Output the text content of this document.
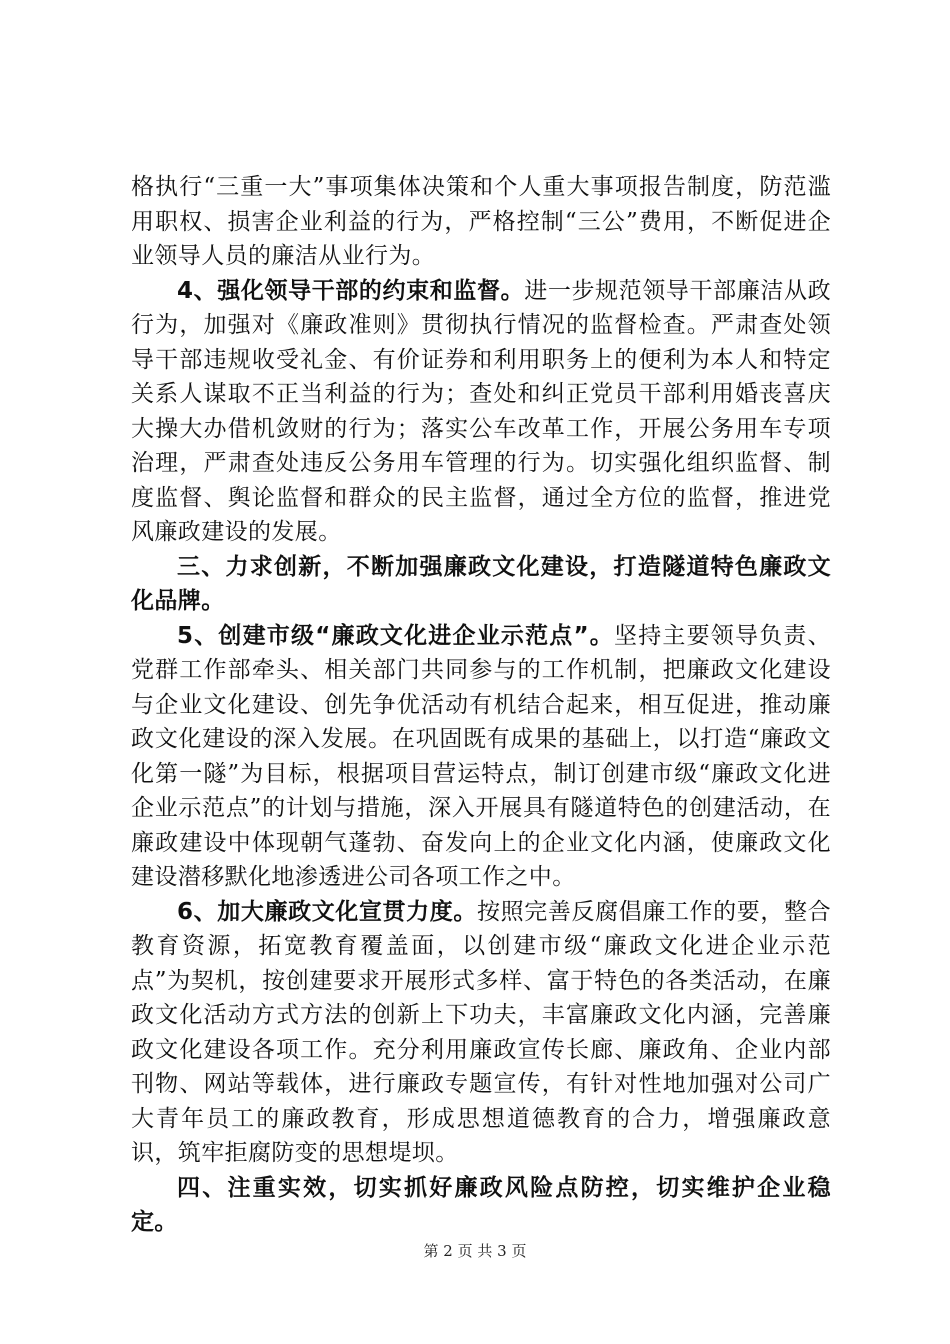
格执行“三重一大”事项集体决策和个人重大事项报告制度，防范滥用职权、损害企业利益的行为，严格控制“三公”费用，不断促进企业领导人员的廉洁从业行为。

4、强化领导干部的约束和监督。进一步规范领导干部廉洁从政行为，加强对《廉政准则》贯彻执行情况的监督检查。严肃查处领导干部违规收受礼金、有价证券和利用职务上的便利为本人和特定关系人谋取不正当利益的行为；查处和纠正党员干部利用婚丧喜庆大操大办借机敛财的行为；落实公车改革工作，开展公务用车专项治理，严肃查处违反公务用车管理的行为。切实强化组织监督、制度监督、舆论监督和群众的民主监督，通过全方位的监督，推进党风廉政建设的发展。

三、力求创新，不断加强廉政文化建设，打造隧道特色廉政文化品牌。

5、创建市级“廉政文化进企业示范点”。坚持主要领导负责、党群工作部牵头、相关部门共同参与的工作机制，把廉政文化建设与企业文化建设、创先争优活动有机结合起来，相互促进，推动廉政文化建设的深入发展。在巩固既有成果的基础上，以打造“廉政文化第一隧”为目标，根据项目营运特点，制订创建市级“廉政文化进企业示范点”的计划与措施，深入开展具有隧道特色的创建活动，在廉政建设中体现朝气蓬勃、奋发向上的企业文化内涵，使廉政文化建设潜移默化地渗透进公司各项工作之中。

6、加大廉政文化宣贯力度。按照完善反腐倡廉工作的要，整合教育资源，拓宽教育覆盖面，以创建市级“廉政文化进企业示范点”为契机，按创建要求开展形式多样、富于特色的各类活动，在廉政文化活动方式方法的创新上下功夫，丰富廉政文化内涵，完善廉政文化建设各项工作。充分利用廉政宣传长廊、廉政角、企业内部刊物、网站等载体，进行廉政专题宣传，有针对性地加强对公司广大青年员工的廉政教育，形成思想道德教育的合力，增强廉政意识，筑牢拒腐防变的思想堤坝。

四、注重实效，切实抓好廉政风险点防控，切实维护企业稳定。

第 2 页 共 3 页
